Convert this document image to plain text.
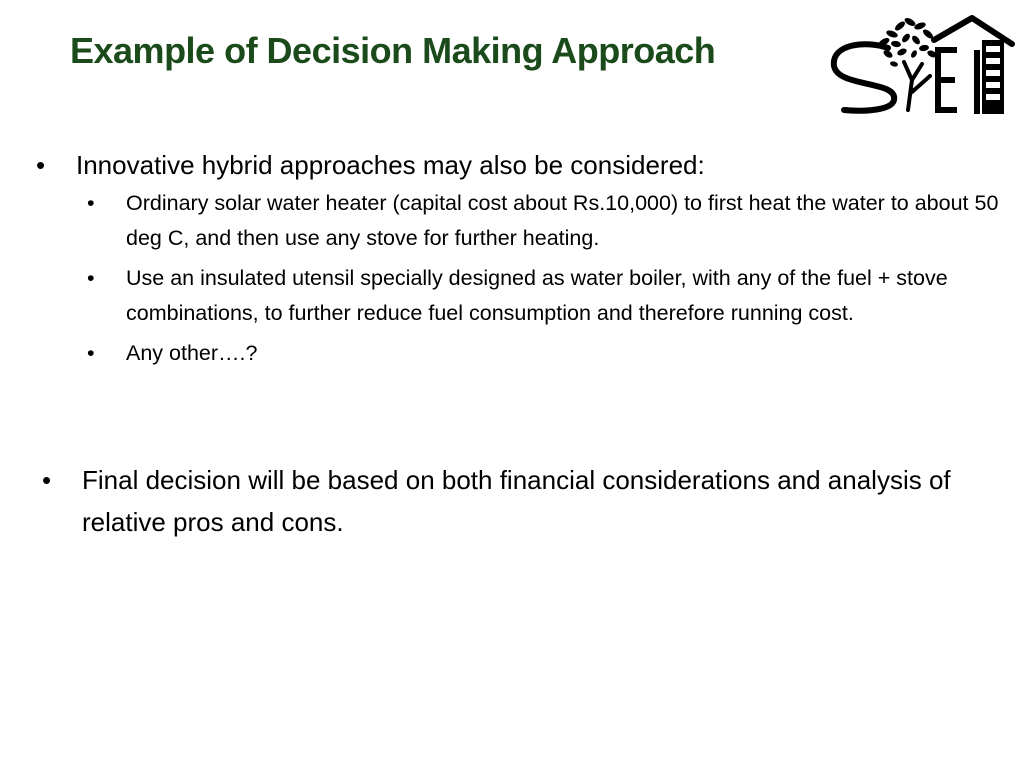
Example of Decision Making Approach
• Innovative hybrid approaches may also be considered:
• Ordinary solar water heater (capital cost about Rs.10,000) to first heat the water to about 50 deg C, and then use any stove for further heating.
• Use an insulated utensil specially designed as water boiler, with any of the fuel + stove combinations, to further reduce fuel consumption and therefore running cost.
• Any other….?
• Final decision will be based on both financial considerations and analysis of relative pros and cons.
